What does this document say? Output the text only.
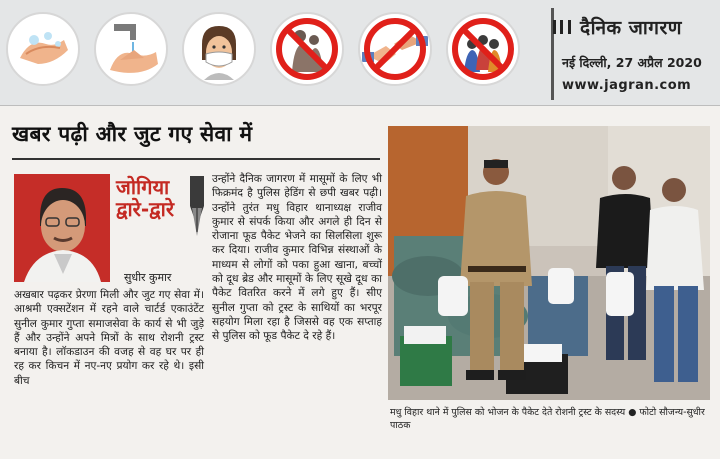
दैनिक जागरण
नई दिल्ली, 27 अप्रैल 2020
www.jagran.com
खबर पढ़ी और जुट गए सेवा में
जोगिया
द्वारे-द्वारे
सुधीर कुमार
अखबार पढ़कर प्रेरणा मिली और जुट गए सेवा में। आश्रमी एक्सटेंशन में रहने वाले चार्टर्ड एकाउंटेंट सुनील कुमार गुप्ता समाजसेवा के कार्य से भी जुड़े हैं और उन्होंने अपने मित्रों के साथ रोशनी ट्रस्ट बनाया है। लॉकडाउन की वजह से वह घर पर ही रह कर किचन में नए-नए प्रयोग कर रहे थे। इसी बीच
उन्होंने दैनिक जागरण में मासूमों के लिए भी फिक्रमंद है पुलिस हेडिंग से छपी खबर पढ़ी। उन्होंने तुरंत मधु विहार थानाध्यक्ष राजीव कुमार से संपर्क किया और अगले ही दिन से रोजाना फूड पैकेट भेजने का सिलसिला शुरू कर दिया। राजीव कुमार विभिन्न संस्थाओं के माध्यम से लोगों को पका हुआ खाना, बच्चों को दूध ब्रेड और मासूमों के लिए सूखे दूध का पैकेट वितरित करने में लगे हुए हैं। सीए सुनील गुप्ता को ट्रस्ट के साथियों का भरपूर सहयोग मिला रहा है जिससे वह एक सप्ताह से पुलिस को फूड पैकेट दे रहे हैं।
मधु विहार थाने में पुलिस को भोजन के पैकेट देते रोशनी ट्रस्ट के सदस्य ● फोटो सौजन्य-सुधीर पाठक
